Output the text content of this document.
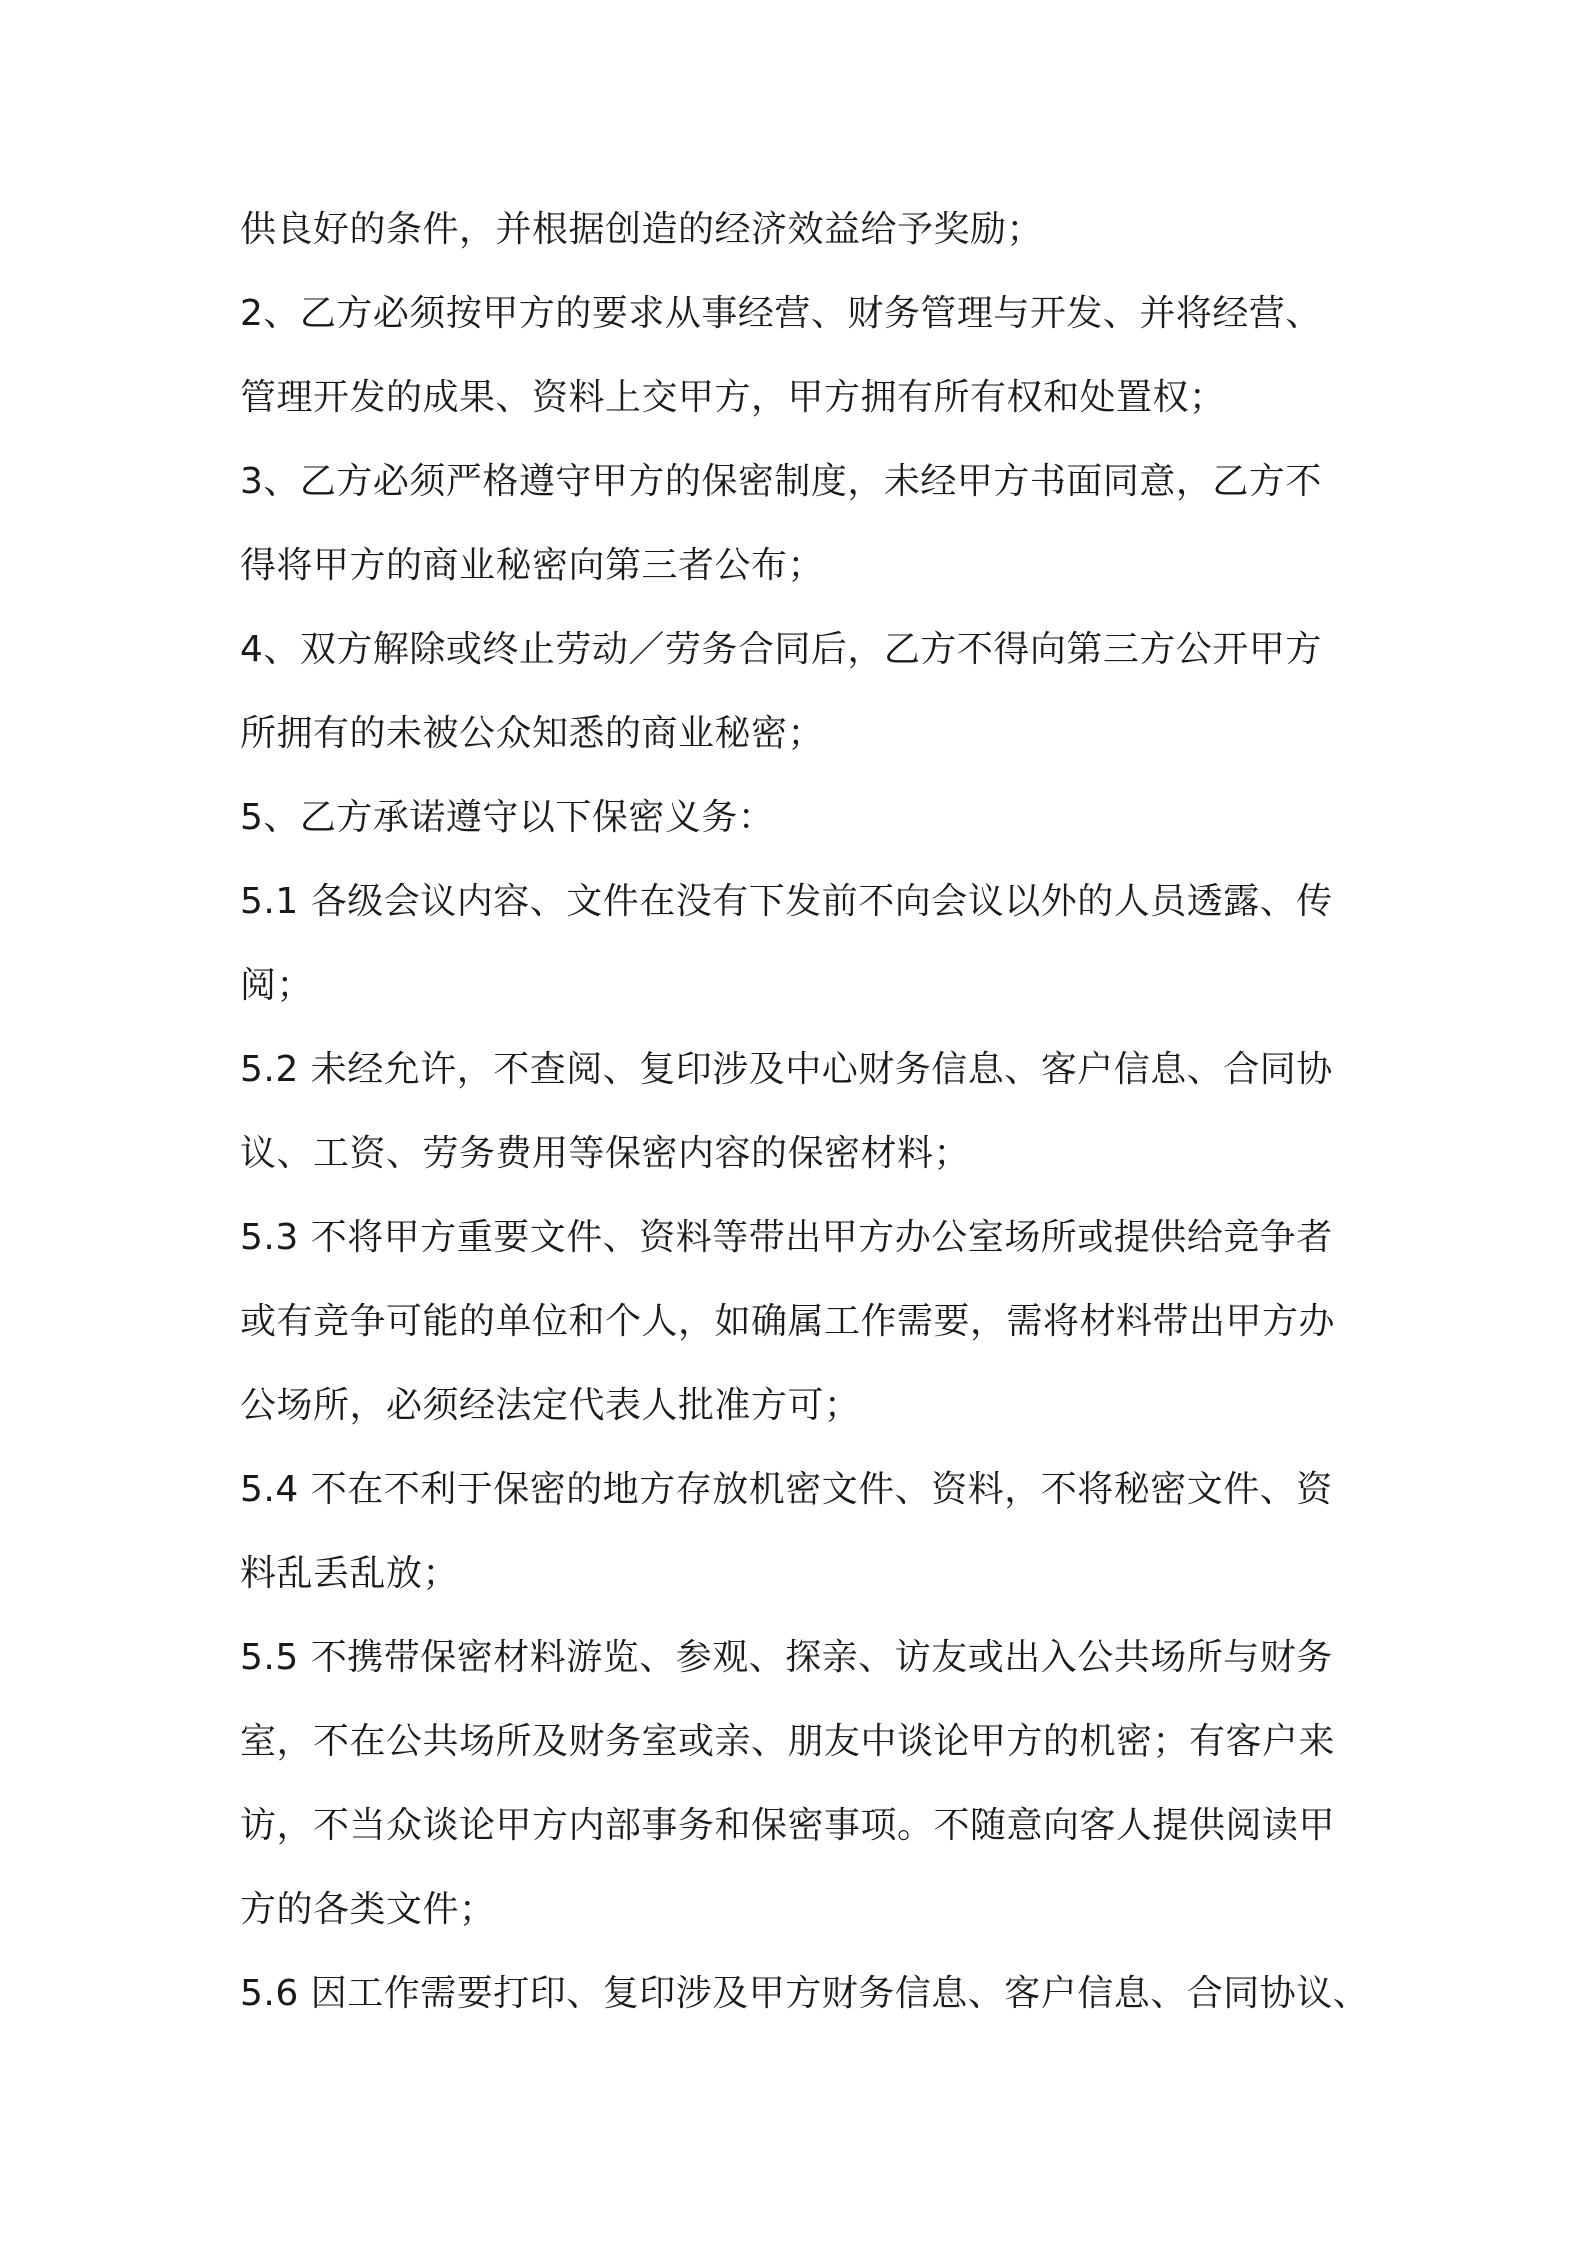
供良好的条件，并根据创造的经济效益给予奖励；
2、乙方必须按甲方的要求从事经营、财务管理与开发、并将经营、
管理开发的成果、资料上交甲方，甲方拥有所有权和处置权；
3、乙方必须严格遵守甲方的保密制度，未经甲方书面同意，乙方不
得将甲方的商业秘密向第三者公布；
4、双方解除或终止劳动／劳务合同后，乙方不得向第三方公开甲方
所拥有的未被公众知悉的商业秘密；
5、乙方承诺遵守以下保密义务：
5.1 各级会议内容、文件在没有下发前不向会议以外的人员透露、传
阅；
5.2 未经允许，不查阅、复印涉及中心财务信息、客户信息、合同协
议、工资、劳务费用等保密内容的保密材料；
5.3 不将甲方重要文件、资料等带出甲方办公室场所或提供给竞争者
或有竞争可能的单位和个人，如确属工作需要，需将材料带出甲方办
公场所，必须经法定代表人批准方可；
5.4 不在不利于保密的地方存放机密文件、资料，不将秘密文件、资
料乱丢乱放；
5.5 不携带保密材料游览、参观、探亲、访友或出入公共场所与财务
室，不在公共场所及财务室或亲、朋友中谈论甲方的机密；有客户来
访，不当众谈论甲方内部事务和保密事项。不随意向客人提供阅读甲
方的各类文件；
5.6 因工作需要打印、复印涉及甲方财务信息、客户信息、合同协议、
